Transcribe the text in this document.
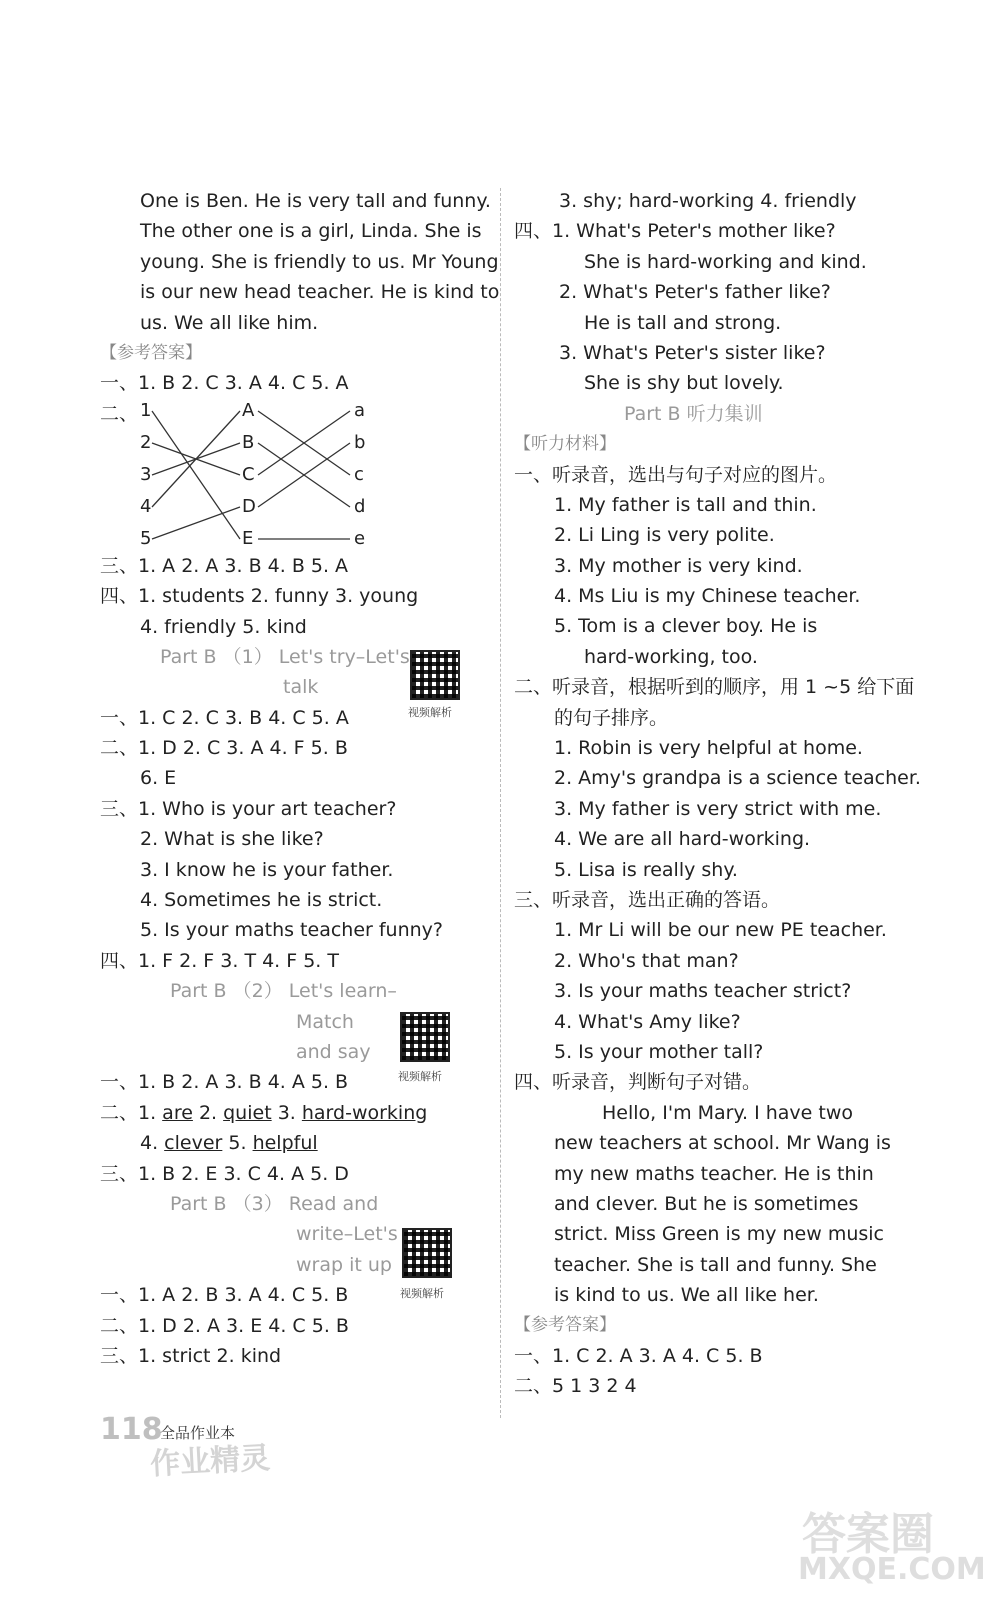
One is Ben. He is very tall and funny.
The other one is a girl, Linda. She is
young. She is friendly to us. Mr Young
is our new head teacher. He is kind to
us. We all like him.
【参考答案】
一、1. B 2. C 3. A 4. C 5. A
二、
三、1. A 2. A 3. B 4. B 5. A
四、1. students 2. funny 3. young
4. friendly 5. kind
Part B （1） Let's try–Let's
talk
一、1. C 2. C 3. B 4. C 5. A
二、1. D 2. C 3. A 4. F 5. B
6. E
三、1. Who is your art teacher?
2. What is she like?
3. I know he is your father.
4. Sometimes he is strict.
5. Is your maths teacher funny?
四、1. F 2. F 3. T 4. F 5. T
Part B （2） Let's learn–
Match
and say
一、1. B 2. A 3. B 4. A 5. B
二、1. are 2. quiet 3. hard-working
4. clever 5. helpful
三、1. B 2. E 3. C 4. A 5. D
Part B （3） Read and
write–Let's
wrap it up
一、1. A 2. B 3. A 4. C 5. B
二、1. D 2. A 3. E 4. C 5. B
三、1. strict 2. kind
1
2
3
4
5
A
B
C
D
E
a
b
c
d
e
视频解析
视频解析
视频解析
3. shy; hard-working 4. friendly
四、1. What's Peter's mother like?
She is hard-working and kind.
2. What's Peter's father like?
He is tall and strong.
3. What's Peter's sister like?
She is shy but lovely.
Part B 听力集训
【听力材料】
一、听录音，选出与句子对应的图片。
1. My father is tall and thin.
2. Li Ling is very polite.
3. My mother is very kind.
4. Ms Liu is my Chinese teacher.
5. Tom is a clever boy. He is
hard-working, too.
二、听录音，根据听到的顺序，用 1 ~5 给下面
的句子排序。
1. Robin is very helpful at home.
2. Amy's grandpa is a science teacher.
3. My father is very strict with me.
4. We are all hard-working.
5. Lisa is really shy.
三、听录音，选出正确的答语。
1. Mr Li will be our new PE teacher.
2. Who's that man?
3. Is your maths teacher strict?
4. What's Amy like?
5. Is your mother tall?
四、听录音，判断句子对错。
Hello, I'm Mary. I have two
new teachers at school. Mr Wang is
my new maths teacher. He is thin
and clever. But he is sometimes
strict. Miss Green is my new music
teacher. She is tall and funny. She
is kind to us. We all like her.
【参考答案】
一、1. C 2. A 3. A 4. C 5. B
二、5 1 3 2 4
118
全品作业本
作业精灵
答案圈
MXQE.COM
